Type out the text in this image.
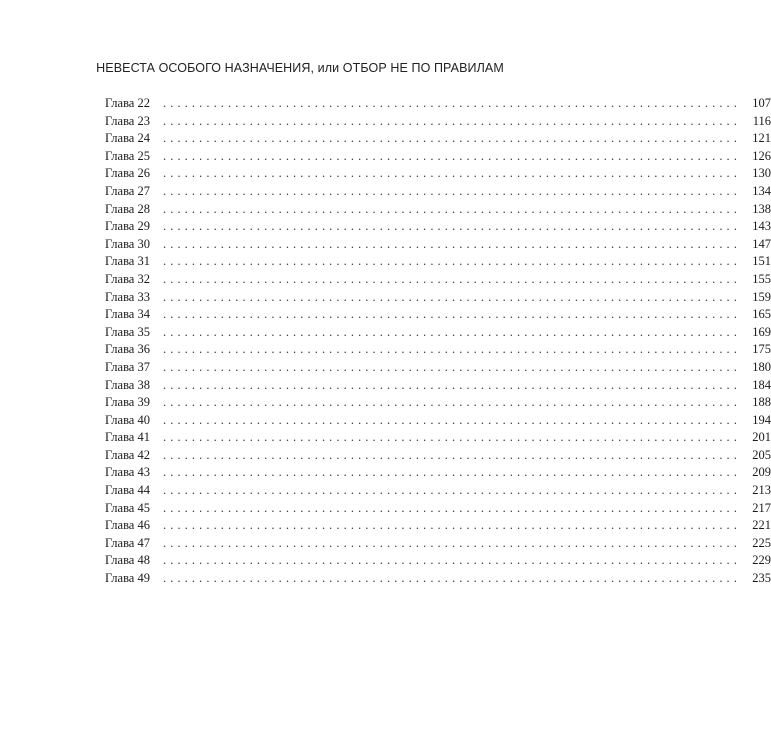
НЕВЕСТА ОСОБОГО НАЗНАЧЕНИЯ, или ОТБОР НЕ ПО ПРАВИЛАМ
Глава 22	................................................................................ 107
Глава 23	................................................................................ 116
Глава 24	................................................................................ 121
Глава 25	................................................................................ 126
Глава 26	................................................................................ 130
Глава 27	................................................................................ 134
Глава 28	................................................................................ 138
Глава 29	................................................................................ 143
Глава 30	................................................................................ 147
Глава 31	................................................................................ 151
Глава 32	................................................................................ 155
Глава 33	................................................................................ 159
Глава 34	................................................................................ 165
Глава 35	................................................................................ 169
Глава 36	................................................................................ 175
Глава 37	................................................................................ 180
Глава 38	................................................................................ 184
Глава 39	................................................................................ 188
Глава 40	................................................................................ 194
Глава 41	................................................................................ 201
Глава 42	................................................................................ 205
Глава 43	................................................................................ 209
Глава 44	................................................................................ 213
Глава 45	................................................................................ 217
Глава 46	................................................................................ 221
Глава 47	................................................................................ 225
Глава 48	................................................................................ 229
Глава 49	................................................................................ 235
